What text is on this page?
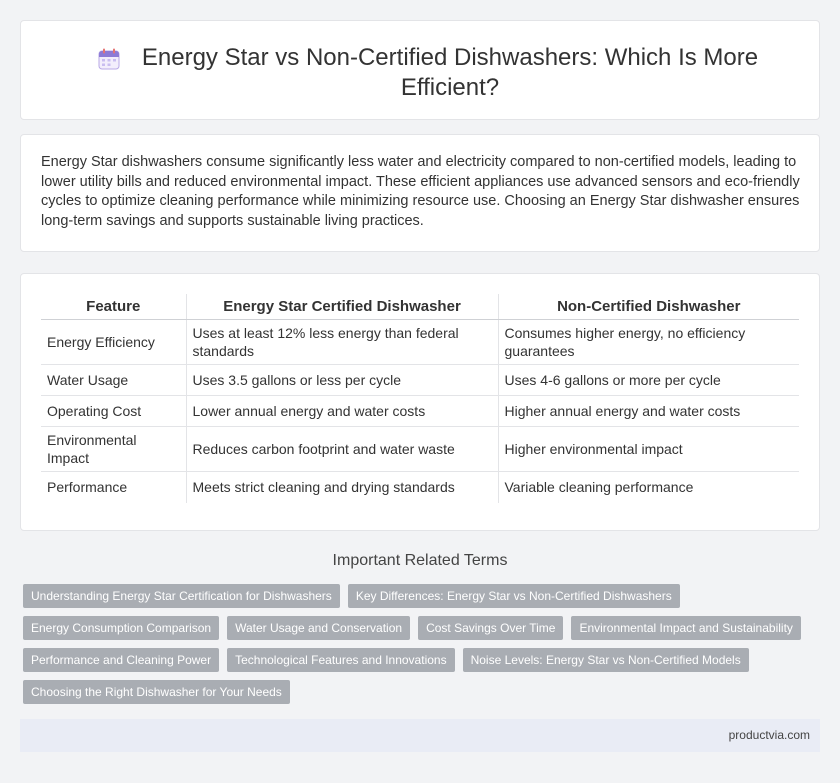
Energy Star vs Non-Certified Dishwashers: Which Is More Efficient?

Energy Star dishwashers consume significantly less water and electricity compared to non-certified models, leading to lower utility bills and reduced environmental impact. These efficient appliances use advanced sensors and eco-friendly cycles to optimize cleaning performance while minimizing resource use. Choosing an Energy Star dishwasher ensures long-term savings and supports sustainable living practices.

Feature	Energy Star Certified Dishwasher	Non-Certified Dishwasher
Energy Efficiency	Uses at least 12% less energy than federal standards	Consumes higher energy, no efficiency guarantees
Water Usage	Uses 3.5 gallons or less per cycle	Uses 4-6 gallons or more per cycle
Operating Cost	Lower annual energy and water costs	Higher annual energy and water costs
Environmental Impact	Reduces carbon footprint and water waste	Higher environmental impact
Performance	Meets strict cleaning and drying standards	Variable cleaning performance
Important Related Terms
Understanding Energy Star Certification for Dishwashers	Key Differences: Energy Star vs Non-Certified Dishwashers
Energy Consumption Comparison	Water Usage and Conservation	Cost Savings Over Time	Environmental Impact and Sustainability
Performance and Cleaning Power	Technological Features and Innovations	Noise Levels: Energy Star vs Non-Certified Models
Choosing the Right Dishwasher for Your Needs
productvia.com
